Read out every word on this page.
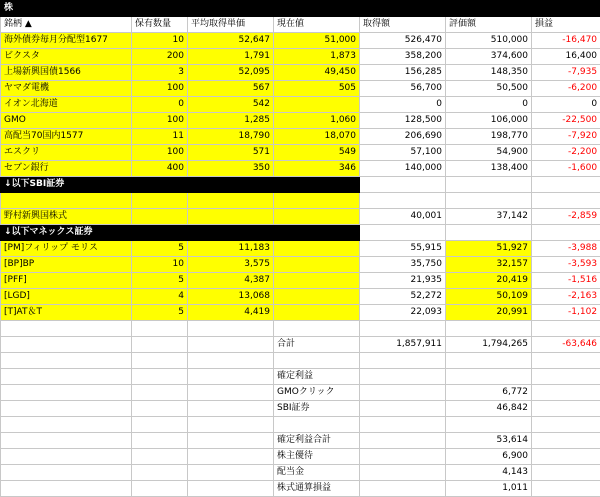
株						
銘柄 ▲	保有数量	平均取得単価	現在値	取得額	評価額	損益
海外債券毎月分配型1677	10	52,647	51,000	526,470	510,000	-16,470
ビクスタ	200	1,791	1,873	358,200	374,600	16,400
上場新興国債1566	3	52,095	49,450	156,285	148,350	-7,935
ヤマダ電機	100	567	505	56,700	50,500	-6,200
イオン北海道	0	542		0	0	0
GMO	100	1,285	1,060	128,500	106,000	-22,500
高配当70国内1577	11	18,790	18,070	206,690	198,770	-7,920
エスクリ	100	571	549	57,100	54,900	-2,200
セブン銀行	400	350	346	140,000	138,400	-1,600
↓以下SBI証券						

野村新興国株式				40,001	37,142	-2,859
↓以下マネックス証券						
[PM]フィリップ モリス	5	11,183		55,915	51,927	-3,988
[BP]BP	10	3,575		35,750	32,157	-3,593
[PFF]	5	4,387		21,935	20,419	-1,516
[LGD]	4	13,068		52,272	50,109	-2,163
[T]AT＆T	5	4,419		22,093	20,991	-1,102

			合計	1,857,911	1,794,265	-63,646

			確定利益			
			GMOクリック		6,772	
			SBI証券		46,842	

			確定利益合計		53,614	
			株主優待		6,900	
			配当金		4,143	
			株式通算損益		1,011	
